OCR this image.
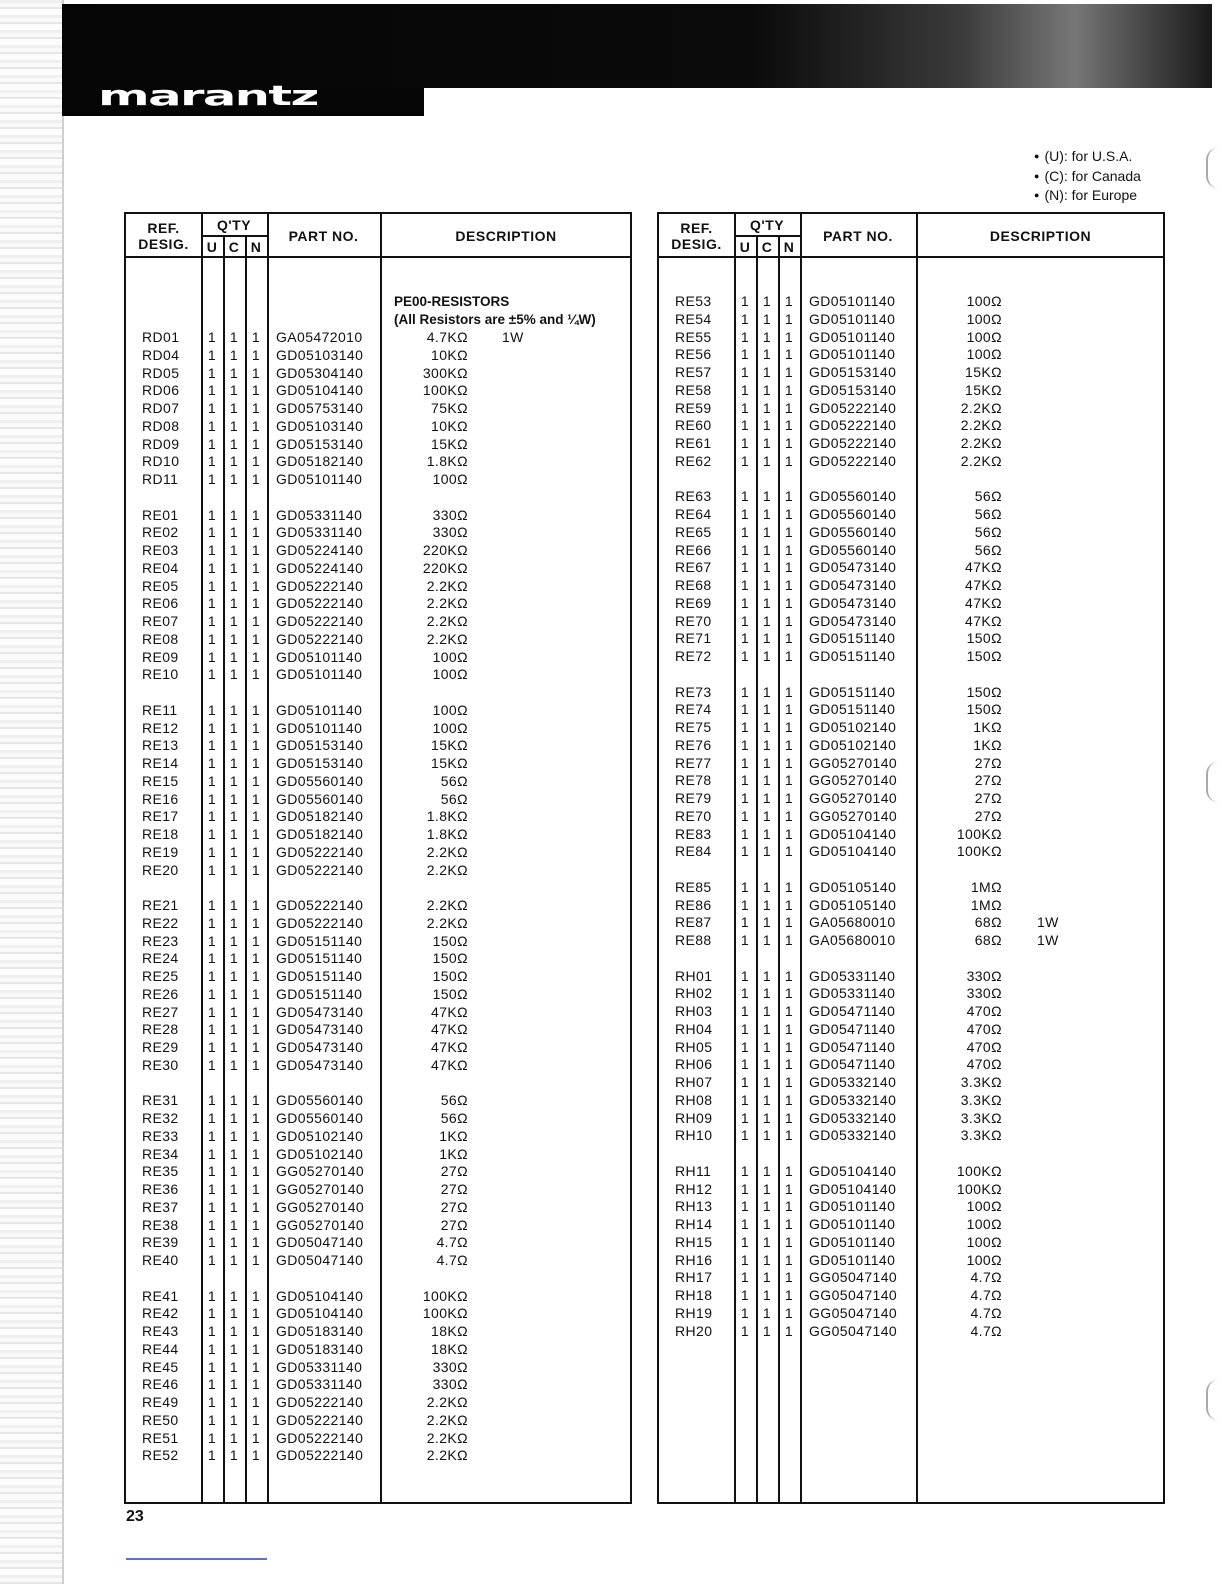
marantz
● (U): for U.S.A.
● (C): for Canada
● (N): for Europe
REF.
DESIG.
Q'TY
U C N
PART NO.	DESCRIPTION
PE00-RESISTORS
(All Resistors are ±5% and ¼W)
RD01 1 1 1 GA05472010	4.7KΩ 1W
RD04 1 1 1 GD05103140	10KΩ
RD05 1 1 1 GD05304140	300KΩ
RD06 1 1 1 GD05104140	100KΩ
RD07 1 1 1 GD05753140	75KΩ
RD08 1 1 1 GD05103140	10KΩ
RD09 1 1 1 GD05153140	15KΩ
RD10 1 1 1 GD05182140	1.8KΩ
RD11 1 1 1 GD05101140	100Ω
RE01 1 1 1 GD05331140	330Ω
RE02 1 1 1 GD05331140	330Ω
RE03 1 1 1 GD05224140	220KΩ
RE04 1 1 1 GD05224140	220KΩ
RE05 1 1 1 GD05222140	2.2KΩ
RE06 1 1 1 GD05222140	2.2KΩ
RE07 1 1 1 GD05222140	2.2KΩ
RE08 1 1 1 GD05222140	2.2KΩ
RE09 1 1 1 GD05101140	100Ω
RE10 1 1 1 GD05101140	100Ω
RE11 1 1 1 GD05101140	100Ω
RE12 1 1 1 GD05101140	100Ω
RE13 1 1 1 GD05153140	15KΩ
RE14 1 1 1 GD05153140	15KΩ
RE15 1 1 1 GD05560140	56Ω
RE16 1 1 1 GD05560140	56Ω
RE17 1 1 1 GD05182140	1.8KΩ
RE18 1 1 1 GD05182140	1.8KΩ
RE19 1 1 1 GD05222140	2.2KΩ
RE20 1 1 1 GD05222140	2.2KΩ
RE21 1 1 1 GD05222140	2.2KΩ
RE22 1 1 1 GD05222140	2.2KΩ
RE23 1 1 1 GD05151140	150Ω
RE24 1 1 1 GD05151140	150Ω
RE25 1 1 1 GD05151140	150Ω
RE26 1 1 1 GD05151140	150Ω
RE27 1 1 1 GD05473140	47KΩ
RE28 1 1 1 GD05473140	47KΩ
RE29 1 1 1 GD05473140	47KΩ
RE30 1 1 1 GD05473140	47KΩ
RE31 1 1 1 GD05560140	56Ω
RE32 1 1 1 GD05560140	56Ω
RE33 1 1 1 GD05102140	1KΩ
RE34 1 1 1 GD05102140	1KΩ
RE35 1 1 1 GG05270140	27Ω
RE36 1 1 1 GG05270140	27Ω
RE37 1 1 1 GG05270140	27Ω
RE38 1 1 1 GG05270140	27Ω
RE39 1 1 1 GD05047140	4.7Ω
RE40 1 1 1 GD05047140	4.7Ω
RE41 1 1 1 GD05104140	100KΩ
RE42 1 1 1 GD05104140	100KΩ
RE43 1 1 1 GD05183140	18KΩ
RE44 1 1 1 GD05183140	18KΩ
RE45 1 1 1 GD05331140	330Ω
RE46 1 1 1 GD05331140	330Ω
RE49 1 1 1 GD05222140	2.2KΩ
RE50 1 1 1 GD05222140	2.2KΩ
RE51 1 1 1 GD05222140	2.2KΩ
RE52 1 1 1 GD05222140	2.2KΩ
REF.
DESIG.
Q'TY
U C N
PART NO.	DESCRIPTION
RE53 1 1 1 GD05101140	100Ω
RE54 1 1 1 GD05101140	100Ω
RE55 1 1 1 GD05101140	100Ω
RE56 1 1 1 GD05101140	100Ω
RE57 1 1 1 GD05153140	15KΩ
RE58 1 1 1 GD05153140	15KΩ
RE59 1 1 1 GD05222140	2.2KΩ
RE60 1 1 1 GD05222140	2.2KΩ
RE61 1 1 1 GD05222140	2.2KΩ
RE62 1 1 1 GD05222140	2.2KΩ
RE63 1 1 1 GD05560140	56Ω
RE64 1 1 1 GD05560140	56Ω
RE65 1 1 1 GD05560140	56Ω
RE66 1 1 1 GD05560140	56Ω
RE67 1 1 1 GD05473140	47KΩ
RE68 1 1 1 GD05473140	47KΩ
RE69 1 1 1 GD05473140	47KΩ
RE70 1 1 1 GD05473140	47KΩ
RE71 1 1 1 GD05151140	150Ω
RE72 1 1 1 GD05151140	150Ω
RE73 1 1 1 GD05151140	150Ω
RE74 1 1 1 GD05151140	150Ω
RE75 1 1 1 GD05102140	1KΩ
RE76 1 1 1 GD05102140	1KΩ
RE77 1 1 1 GG05270140	27Ω
RE78 1 1 1 GG05270140	27Ω
RE79 1 1 1 GG05270140	27Ω
RE70 1 1 1 GG05270140	27Ω
RE83 1 1 1 GD05104140	100KΩ
RE84 1 1 1 GD05104140	100KΩ
RE85 1 1 1 GD05105140	1MΩ
RE86 1 1 1 GD05105140	1MΩ
RE87 1 1 1 GA05680010	68Ω	1W
RE88 1 1 1 GA05680010	68Ω	1W
RH01 1 1 1 GD05331140	330Ω
RH02 1 1 1 GD05331140	330Ω
RH03 1 1 1 GD05471140	470Ω
RH04 1 1 1 GD05471140	470Ω
RH05 1 1 1 GD05471140	470Ω
RH06 1 1 1 GD05471140	470Ω
RH07 1 1 1 GD05332140	3.3KΩ
RH08 1 1 1 GD05332140	3.3KΩ
RH09 1 1 1 GD05332140	3.3KΩ
RH10 1 1 1 GD05332140	3.3KΩ
RH11 1 1 1 GD05104140	100KΩ
RH12 1 1 1 GD05104140	100KΩ
RH13 1 1 1 GD05101140	100Ω
RH14 1 1 1 GD05101140	100Ω
RH15 1 1 1 GD05101140	100Ω
RH16 1 1 1 GD05101140	100Ω
RH17 1 1 1 GG05047140	4.7Ω
RH18 1 1 1 GG05047140	4.7Ω
RH19 1 1 1 GG05047140	4.7Ω
RH20 1 1 1 GG05047140	4.7Ω
23
